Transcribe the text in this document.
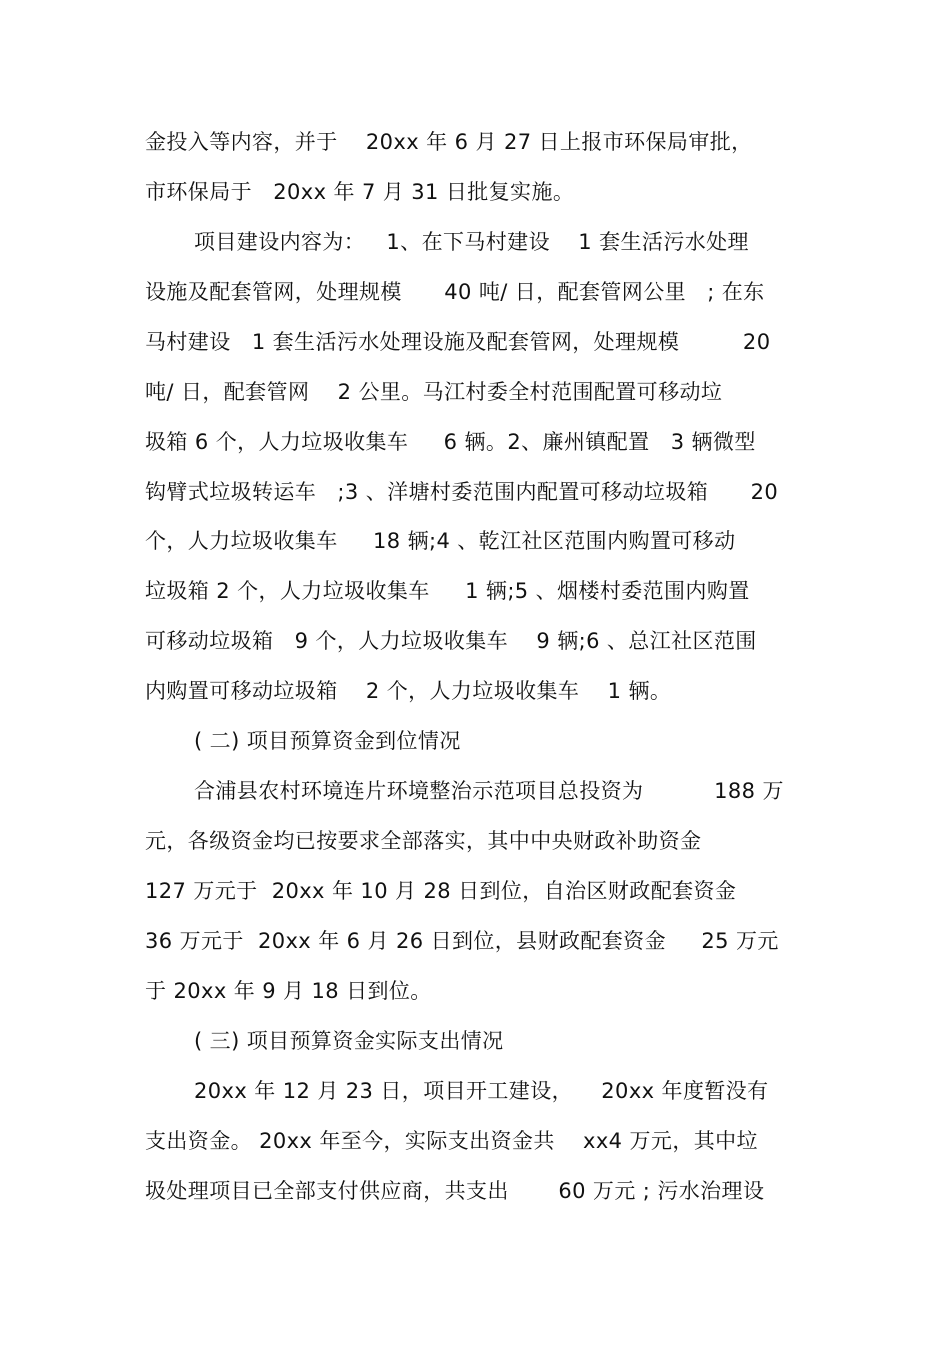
金投入等内容，并于    20xx 年 6 月 27 日上报市环保局审批，
市环保局于   20xx 年 7 月 31 日批复实施。
项目建设内容为：   1、在下马村建设    1 套生活污水处理
设施及配套管网，处理规模      40 吨/ 日，配套管网公里   ; 在东
马村建设   1 套生活污水处理设施及配套管网，处理规模         20
吨/ 日，配套管网    2 公里。马江村委全村范围配置可移动垃
圾箱 6 个，人力垃圾收集车     6 辆。2、廉州镇配置   3 辆微型
钩臂式垃圾转运车   ;3 、洋塘村委范围内配置可移动垃圾箱      20
个，人力垃圾收集车     18 辆;4 、乾江社区范围内购置可移动
垃圾箱 2 个，人力垃圾收集车     1 辆;5 、烟楼村委范围内购置
可移动垃圾箱   9 个，人力垃圾收集车    9 辆;6 、总江社区范围
内购置可移动垃圾箱    2 个，人力垃圾收集车    1 辆。
( 二) 项目预算资金到位情况
合浦县农村环境连片环境整治示范项目总投资为          188 万
元，各级资金均已按要求全部落实，其中中央财政补助资金
127 万元于  20xx 年 10 月 28 日到位，自治区财政配套资金
36 万元于  20xx 年 6 月 26 日到位，县财政配套资金     25 万元
于 20xx 年 9 月 18 日到位。
( 三) 项目预算资金实际支出情况
20xx 年 12 月 23 日，项目开工建设，    20xx 年度暂没有
支出资金。 20xx 年至今，实际支出资金共    xx4 万元，其中垃
圾处理项目已全部支付供应商，共支出       60 万元 ; 污水治理设
